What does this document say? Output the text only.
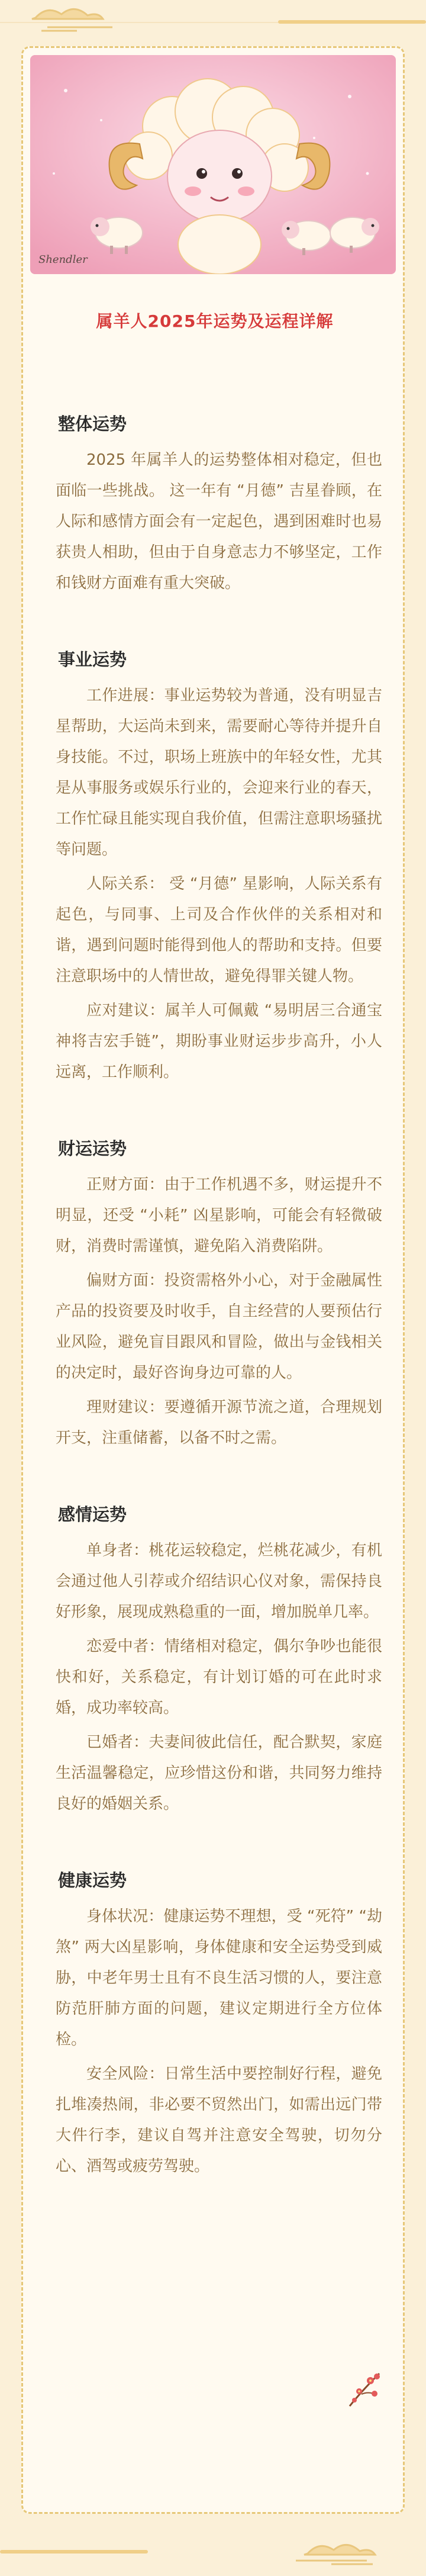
Shendler
属羊人2025年运势及运程详解
整体运势

2025 年属羊人的运势整体相对稳定，但也面临一些挑战。 这一年有 “月德” 吉星眷顾，在人际和感情方面会有一定起色，遇到困难时也易获贵人相助，但由于自身意志力不够坚定，工作和钱财方面难有重大突破。

事业运势

工作进展：事业运势较为普通，没有明显吉星帮助，大运尚未到来，需要耐心等待并提升自身技能。不过，职场上班族中的年轻女性，尤其是从事服务或娱乐行业的，会迎来行业的春天，工作忙碌且能实现自我价值，但需注意职场骚扰等问题。

人际关系： 受 “月德” 星影响，人际关系有起色，与同事、上司及合作伙伴的关系相对和谐，遇到问题时能得到他人的帮助和支持。但要注意职场中的人情世故，避免得罪关键人物。

应对建议：属羊人可佩戴 “易明居三合通宝神将吉宏手链”，期盼事业财运步步高升，小人远离，工作顺利。

财运运势

正财方面：由于工作机遇不多，财运提升不明显，还受 “小耗” 凶星影响，可能会有轻微破财，消费时需谨慎，避免陷入消费陷阱。

偏财方面：投资需格外小心，对于金融属性产品的投资要及时收手，自主经营的人要预估行业风险，避免盲目跟风和冒险，做出与金钱相关的决定时，最好咨询身边可靠的人。

理财建议：要遵循开源节流之道，合理规划开支，注重储蓄，以备不时之需。

感情运势

单身者：桃花运较稳定，烂桃花减少，有机会通过他人引荐或介绍结识心仪对象，需保持良好形象，展现成熟稳重的一面，增加脱单几率。

恋爱中者：情绪相对稳定，偶尔争吵也能很快和好，关系稳定，有计划订婚的可在此时求婚，成功率较高。

已婚者：夫妻间彼此信任，配合默契，家庭生活温馨稳定，应珍惜这份和谐，共同努力维持良好的婚姻关系。

健康运势

身体状况：健康运势不理想，受 “死符” “劫煞” 两大凶星影响，身体健康和安全运势受到威胁，中老年男士且有不良生活习惯的人，要注意防范肝肺方面的问题，建议定期进行全方位体检。

安全风险：日常生活中要控制好行程，避免扎堆凑热闹，非必要不贸然出门，如需出远门带大件行李，建议自驾并注意安全驾驶，切勿分心、酒驾或疲劳驾驶。
